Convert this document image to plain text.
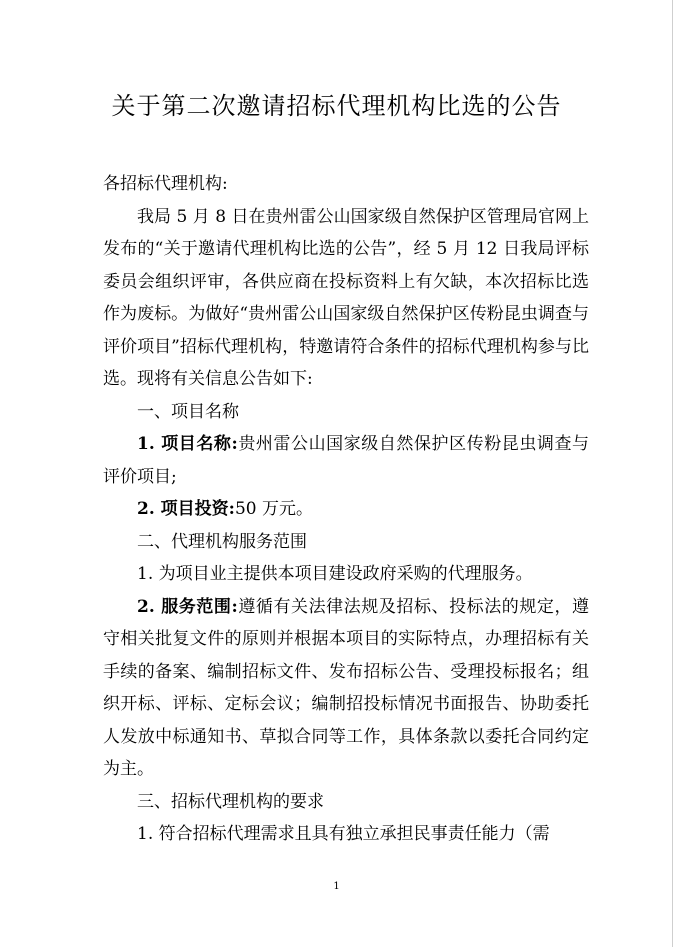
关于第二次邀请招标代理机构比选的公告

各招标代理机构:

我局 5 月 8 日在贵州雷公山国家级自然保护区管理局官网上发布的“关于邀请代理机构比选的公告”，经 5 月 12 日我局评标委员会组织评审，各供应商在投标资料上有欠缺，本次招标比选作为废标。为做好“贵州雷公山国家级自然保护区传粉昆虫调查与评价项目”招标代理机构，特邀请符合条件的招标代理机构参与比选。现将有关信息公告如下:

一、项目名称

1. 项目名称:贵州雷公山国家级自然保护区传粉昆虫调查与评价项目;

2. 项目投资:50 万元。

二、代理机构服务范围

1. 为项目业主提供本项目建设政府采购的代理服务。

2. 服务范围:遵循有关法律法规及招标、投标法的规定，遵守相关批复文件的原则并根据本项目的实际特点，办理招标有关手续的备案、编制招标文件、发布招标公告、受理投标报名；组织开标、评标、定标会议；编制招投标情况书面报告、协助委托人发放中标通知书、草拟合同等工作，具体条款以委托合同约定为主。

三、招标代理机构的要求

1. 符合招标代理需求且具有独立承担民事责任能力（需

1
